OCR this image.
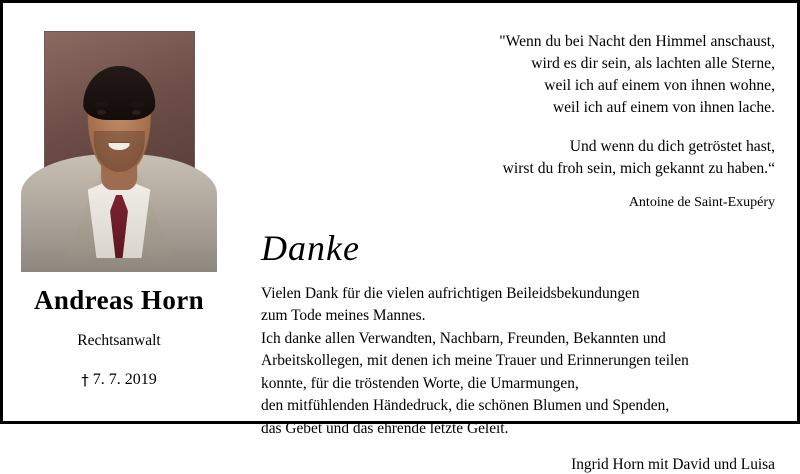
Andreas Horn
Rechtsanwalt
† 7. 7. 2019
"Wenn du bei Nacht den Himmel anschaust,
wird es dir sein, als lachten alle Sterne,
weil ich auf einem von ihnen wohne,
weil ich auf einem von ihnen lache.
Und wenn du dich getröstet hast,
wirst du froh sein, mich gekannt zu haben.“
Antoine de Saint-Exupéry
Danke
Vielen Dank für die vielen aufrichtigen Beileidsbekundungen
zum Tode meines Mannes.
Ich danke allen Verwandten, Nachbarn, Freunden, Bekannten und
Arbeitskollegen, mit denen ich meine Trauer und Erinnerungen teilen
konnte, für die tröstenden Worte, die Umarmungen,
den mitfühlenden Händedruck, die schönen Blumen und Spenden,
das Gebet und das ehrende letzte Geleit.
Ingrid Horn mit David und Luisa
